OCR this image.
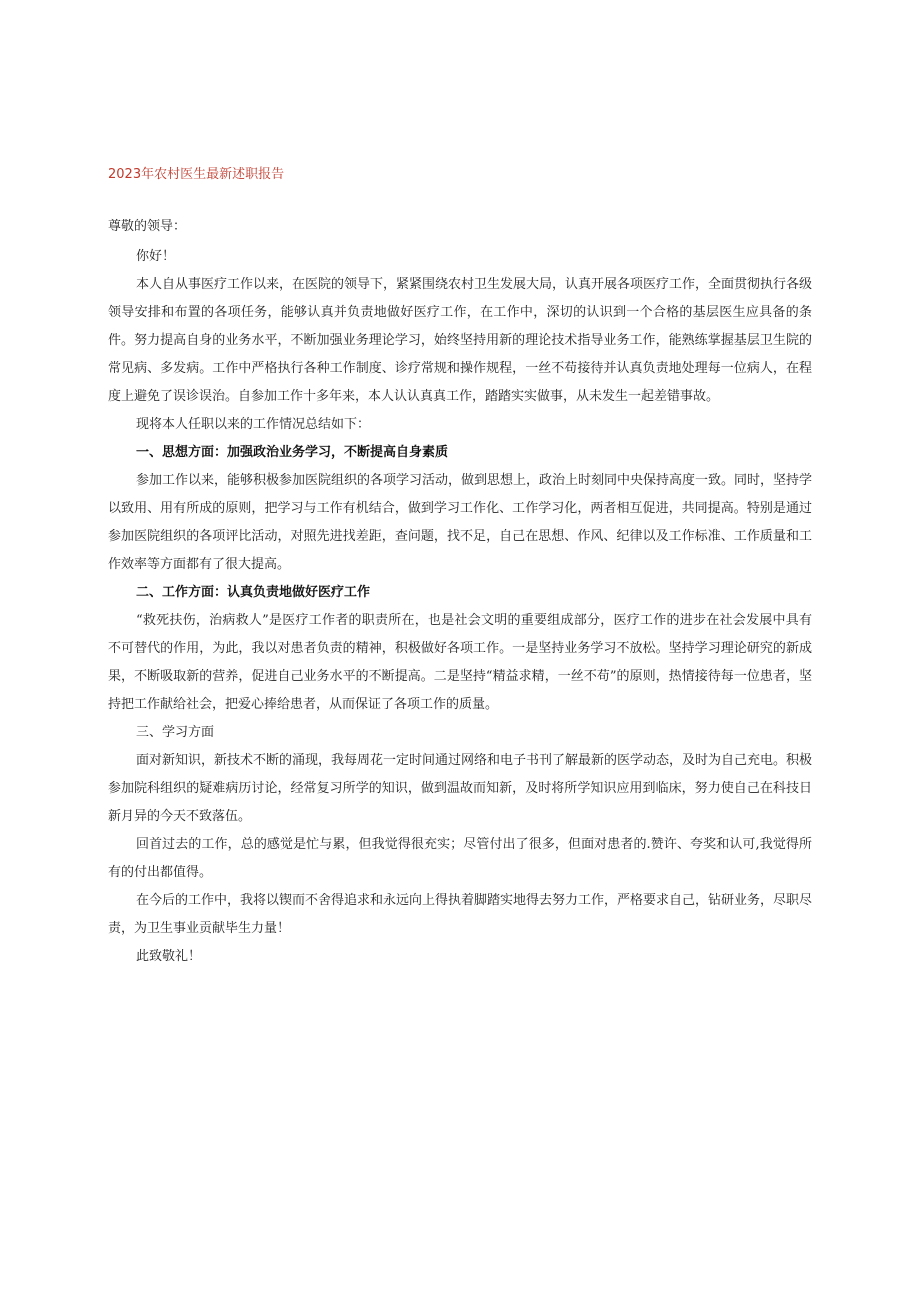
2023年农村医生最新述职报告

尊敬的领导：

你好！

本人自从事医疗工作以来，在医院的领导下，紧紧围绕农村卫生发展大局，认真开展各项医疗工作，全面贯彻执行各级领导安排和布置的各项任务，能够认真并负责地做好医疗工作，在工作中，深切的认识到一个合格的基层医生应具备的条件。努力提高自身的业务水平，不断加强业务理论学习，始终坚持用新的理论技术指导业务工作，能熟练掌握基层卫生院的常见病、多发病。工作中严格执行各种工作制度、诊疗常规和操作规程，一丝不苟接待并认真负责地处理每一位病人，在程度上避免了误诊误治。自参加工作十多年来，本人认认真真工作，踏踏实实做事，从未发生一起差错事故。

现将本人任职以来的工作情况总结如下：

一、思想方面：加强政治业务学习，不断提高自身素质

参加工作以来，能够积极参加医院组织的各项学习活动，做到思想上，政治上时刻同中央保持高度一致。同时，坚持学以致用、用有所成的原则，把学习与工作有机结合，做到学习工作化、工作学习化，两者相互促进，共同提高。特别是通过参加医院组织的各项评比活动，对照先进找差距，查问题，找不足，自己在思想、作风、纪律以及工作标准、工作质量和工作效率等方面都有了很大提高。

二、工作方面：认真负责地做好医疗工作

“救死扶伤，治病救人”是医疗工作者的职责所在，也是社会文明的重要组成部分，医疗工作的进步在社会发展中具有不可替代的作用，为此，我以对患者负责的精神，积极做好各项工作。一是坚持业务学习不放松。坚持学习理论研究的新成果，不断吸取新的营养，促进自己业务水平的不断提高。二是坚持“精益求精，一丝不苟”的原则，热情接待每一位患者，坚持把工作献给社会，把爱心捧给患者，从而保证了各项工作的质量。

三、学习方面

面对新知识，新技术不断的涌现，我每周花一定时间通过网络和电子书刊了解最新的医学动态，及时为自己充电。积极参加院科组织的疑难病历讨论，经常复习所学的知识，做到温故而知新，及时将所学知识应用到临床，努力使自己在科技日新月异的今天不致落伍。

回首过去的工作，总的感觉是忙与累，但我觉得很充实；尽管付出了很多，但面对患者的.赞许、夸奖和认可,我觉得所有的付出都值得。

在今后的工作中，我将以锲而不舍得追求和永远向上得执着脚踏实地得去努力工作，严格要求自己，钻研业务，尽职尽责，为卫生事业贡献毕生力量！

此致敬礼！
